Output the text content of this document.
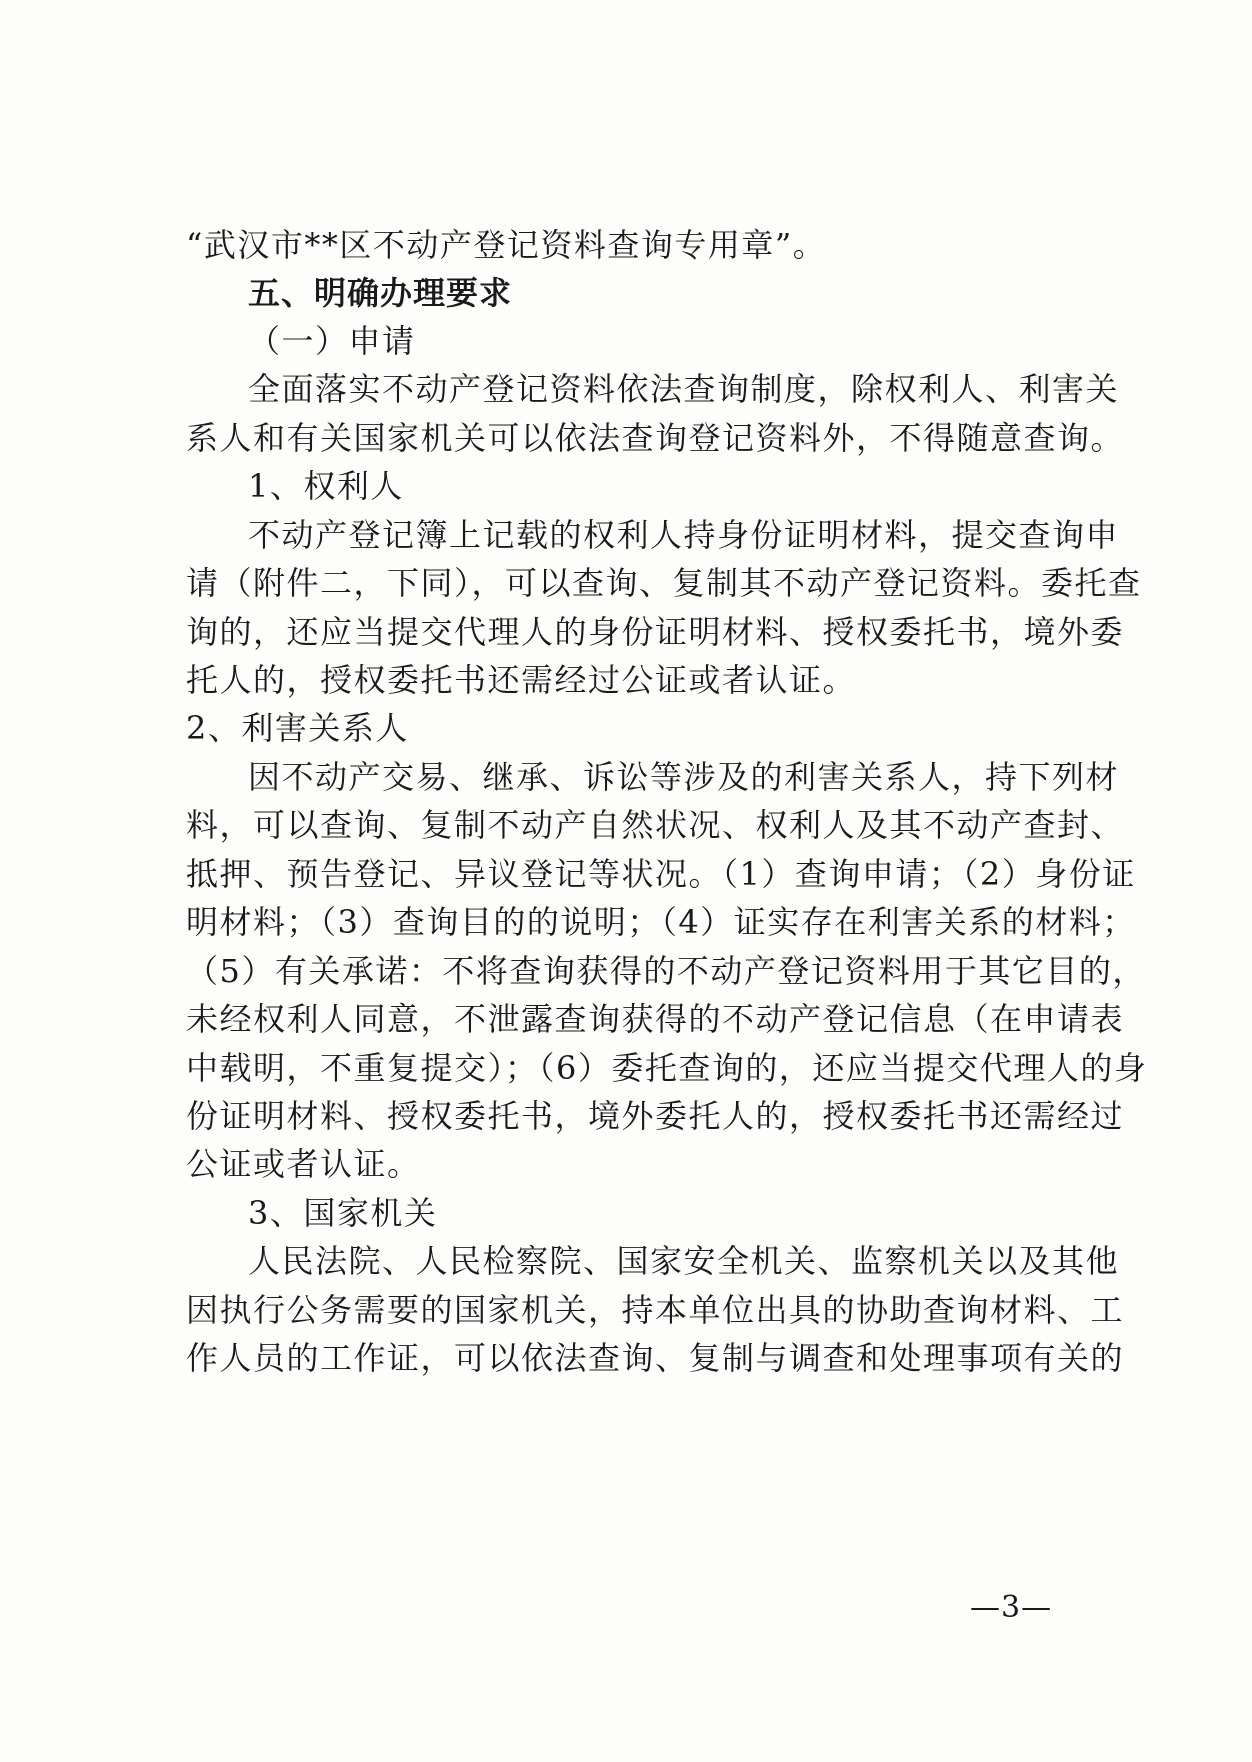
“武汉市**区不动产登记资料查询专用章”。
五、明确办理要求
（一）申请
全面落实不动产登记资料依法查询制度，除权利人、利害关
系人和有关国家机关可以依法查询登记资料外，不得随意查询。
1、权利人
不动产登记簿上记载的权利人持身份证明材料，提交查询申
请（附件二，下同），可以查询、复制其不动产登记资料。委托查
询的，还应当提交代理人的身份证明材料、授权委托书，境外委
托人的，授权委托书还需经过公证或者认证。
2、利害关系人
因不动产交易、继承、诉讼等涉及的利害关系人，持下列材
料，可以查询、复制不动产自然状况、权利人及其不动产查封、
抵押、预告登记、异议登记等状况。（1）查询申请；（2）身份证
明材料；（3）查询目的的说明；（4）证实存在利害关系的材料；
（5）有关承诺：不将查询获得的不动产登记资料用于其它目的，
未经权利人同意，不泄露查询获得的不动产登记信息（在申请表
中载明，不重复提交）；（6）委托查询的，还应当提交代理人的身
份证明材料、授权委托书，境外委托人的，授权委托书还需经过
公证或者认证。
3、国家机关
人民法院、人民检察院、国家安全机关、监察机关以及其他
因执行公务需要的国家机关，持本单位出具的协助查询材料、工
作人员的工作证，可以依法查询、复制与调查和处理事项有关的
—3—
